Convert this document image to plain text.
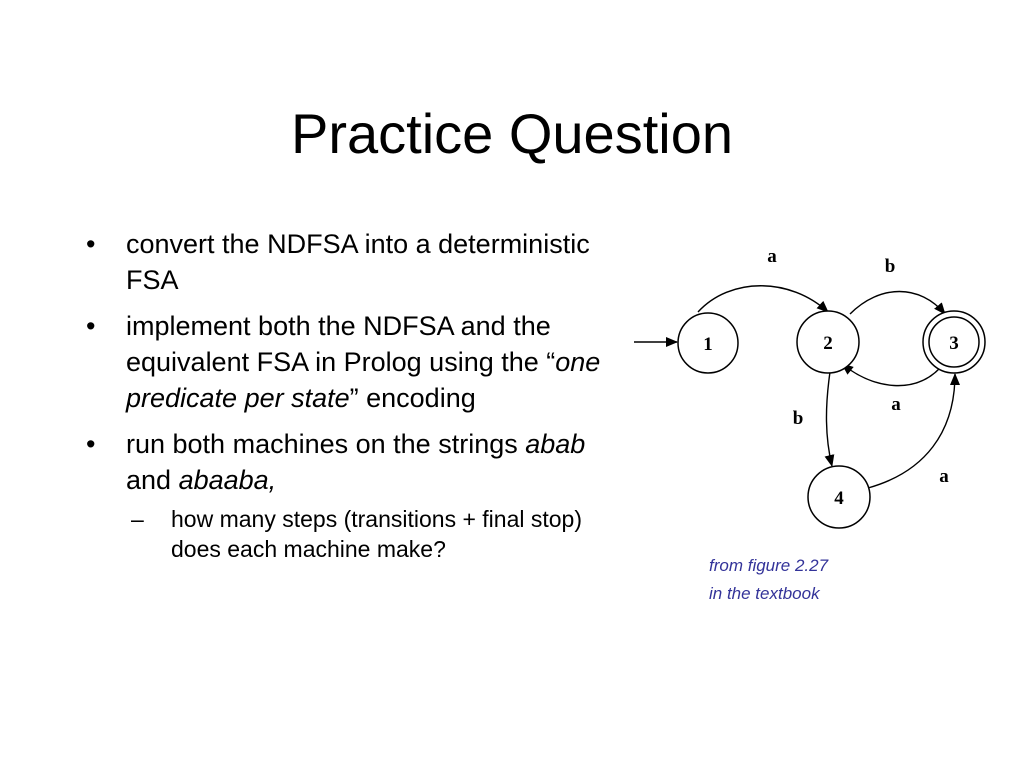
Practice Question
• convert the NDFSA into a deterministic FSA
• implement both the NDFSA and the equivalent FSA in Prolog using the “one predicate per state” encoding
• run both machines on the strings abab and abaaba,
– how many steps (transitions + final stop) does each machine make?
a	b
a
b
a
1	2	3
4
from figure 2.27
in the textbook
